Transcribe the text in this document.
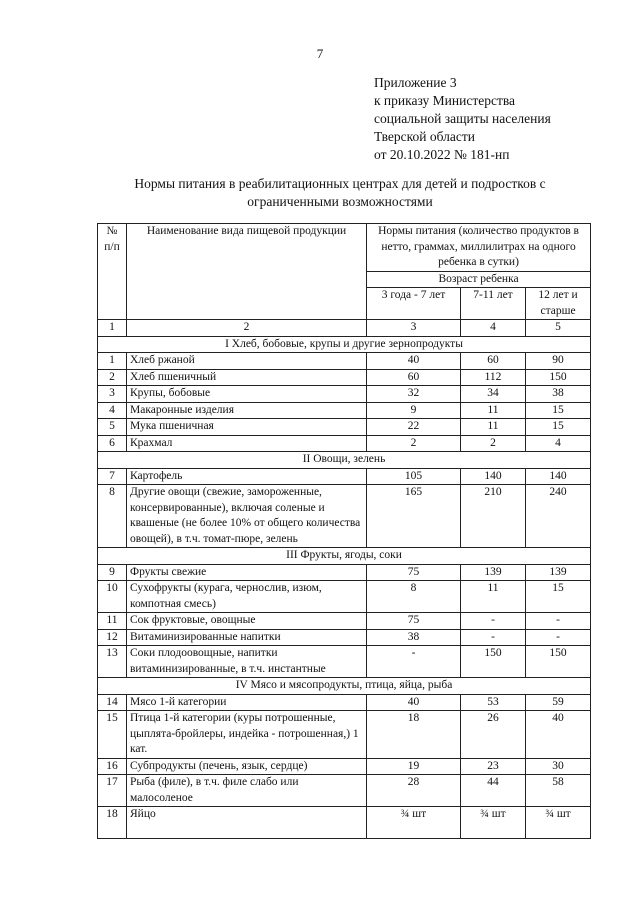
7
Приложение 3
к приказу Министерства
социальной защиты населения
Тверской области
от 20.10.2022 № 181-нп
Нормы питания в реабилитационных центрах для детей и подростков с
ограниченными возможностями
№ п/п	Наименование вида пищевой продукции	Нормы питания (количество продуктов в нетто, граммах, миллилитрах на одного ребенка в сутки)		
		Возраст ребенка		
		3 года - 7 лет	7-11 лет	12 лет и старше
1	2	3	4	5
I Хлеб, бобовые, крупы и другие зернопродукты				
1	Хлеб ржаной	40	60	90
2	Хлеб пшеничный	60	112	150
3	Крупы, бобовые	32	34	38
4	Макаронные изделия	9	11	15
5	Мука пшеничная	22	11	15
6	Крахмал	2	2	4
II Овощи, зелень				
7	Картофель	105	140	140
8	Другие овощи (свежие, замороженные, консервированные), включая соленые и квашеные (не более 10% от общего количества овощей), в т.ч. томат-пюре, зелень	165	210	240
III Фрукты, ягоды, соки				
9	Фрукты свежие	75	139	139
10	Сухофрукты (курага, чернослив, изюм, компотная смесь)	8	11	15
11	Сок фруктовые, овощные	75	-	-
12	Витаминизированные напитки	38	-	-
13	Соки плодоовощные, напитки витаминизированные, в т.ч. инстантные	-	150	150
IV Мясо и мясопродукты, птица, яйца, рыба				
14	Мясо 1-й категории	40	53	59
15	Птица 1-й категории (куры потрошенные, цыплята-бройлеры, индейка - потрошенная,) 1 кат.	18	26	40
16	Субпродукты (печень, язык, сердце)	19	23	30
17	Рыба (филе), в т.ч. филе слабо или малосоленое	28	44	58
18	Яйцо	¾ шт	¾ шт	¾ шт
